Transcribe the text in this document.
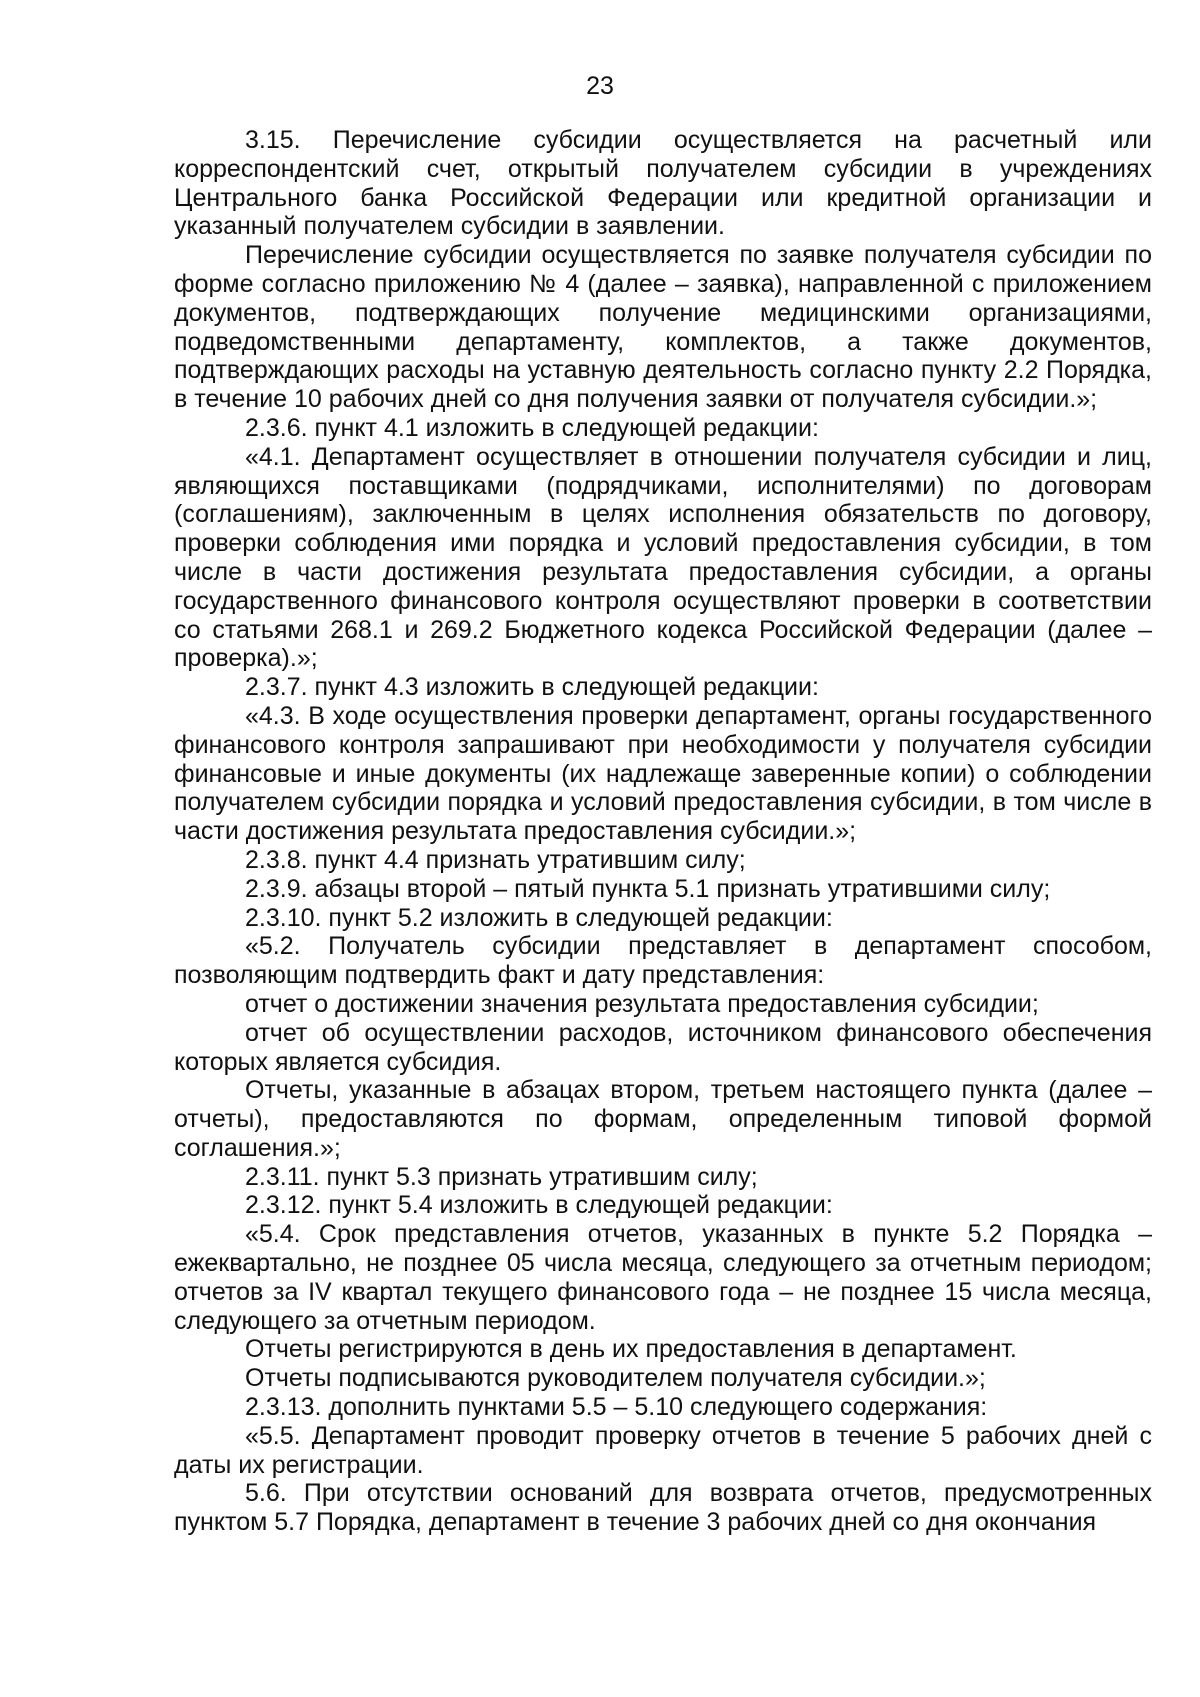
23

3.15. Перечисление субсидии осуществляется на расчетный или корреспондентский счет, открытый получателем субсидии в учреждениях Центрального банка Российской Федерации или кредитной организации и указанный получателем субсидии в заявлении.

Перечисление субсидии осуществляется по заявке получателя субсидии по форме согласно приложению № 4 (далее – заявка), направленной с приложением документов, подтверждающих получение медицинскими организациями, подведомственными департаменту, комплектов, а также документов, подтверждающих расходы на уставную деятельность согласно пункту 2.2 Порядка, в течение 10 рабочих дней со дня получения заявки от получателя субсидии.»;

2.3.6. пункт 4.1 изложить в следующей редакции:

«4.1. Департамент осуществляет в отношении получателя субсидии и лиц, являющихся поставщиками (подрядчиками, исполнителями) по договорам (соглашениям), заключенным в целях исполнения обязательств по договору, проверки соблюдения ими порядка и условий предоставления субсидии, в том числе в части достижения результата предоставления субсидии, а органы государственного финансового контроля осуществляют проверки в соответствии со статьями 268.1 и 269.2 Бюджетного кодекса Российской Федерации (далее – проверка).»;

2.3.7. пункт 4.3 изложить в следующей редакции:

«4.3. В ходе осуществления проверки департамент, органы государственного финансового контроля запрашивают при необходимости у получателя субсидии финансовые и иные документы (их надлежаще заверенные копии) о соблюдении получателем субсидии порядка и условий предоставления субсидии, в том числе в части достижения результата предоставления субсидии.»;

2.3.8. пункт 4.4 признать утратившим силу;

2.3.9. абзацы второй – пятый пункта 5.1 признать утратившими силу;

2.3.10. пункт 5.2 изложить в следующей редакции:

«5.2. Получатель субсидии представляет в департамент способом, позволяющим подтвердить факт и дату представления:

отчет о достижении значения результата предоставления субсидии;

отчет об осуществлении расходов, источником финансового обеспечения которых является субсидия.

Отчеты, указанные в абзацах втором, третьем настоящего пункта (далее – отчеты), предоставляются по формам, определенным типовой формой соглашения.»;

2.3.11. пункт 5.3 признать утратившим силу;

2.3.12. пункт 5.4 изложить в следующей редакции:

«5.4. Срок представления отчетов, указанных в пункте 5.2 Порядка – ежеквартально, не позднее 05 числа месяца, следующего за отчетным периодом; отчетов за IV квартал текущего финансового года – не позднее 15 числа месяца, следующего за отчетным периодом.

Отчеты регистрируются в день их предоставления в департамент.

Отчеты подписываются руководителем получателя субсидии.»;

2.3.13. дополнить пунктами 5.5 – 5.10 следующего содержания:

«5.5. Департамент проводит проверку отчетов в течение 5 рабочих дней с даты их регистрации.

5.6. При отсутствии оснований для возврата отчетов, предусмотренных пунктом 5.7 Порядка, департамент в течение 3 рабочих дней со дня окончания
